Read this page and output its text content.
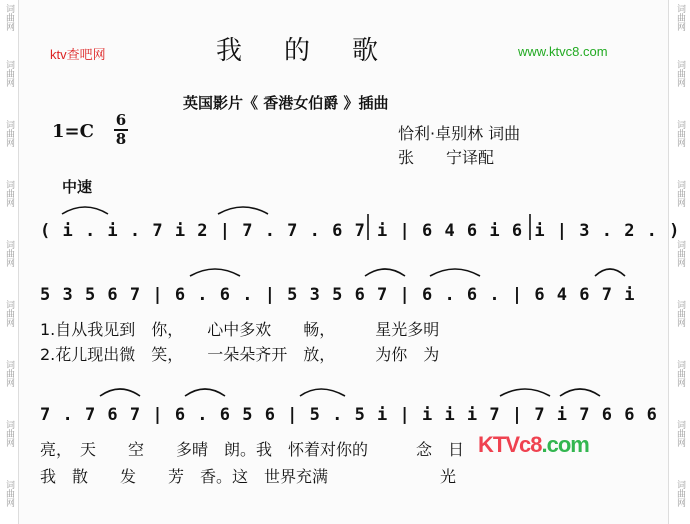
词曲网
词曲网
词曲网
词曲网
词曲网
词曲网
词曲网
词曲网
词曲网
词曲网
词曲网
词曲网
词曲网
词曲网
词曲网
词曲网
词曲网
词曲网
ktv查吧网	www.ktvc8.com
我的歌
英国影片《 香港女伯爵 》插曲
1=C
6
8	恰利·卓别林 词曲
张　　宁译配
中速
( i . i . 7 i 2 | 7 . 7 . 6 7 i | 6 4 6 i 6 i | 3 . 2 . )
5 3 5 6 7 | 6 . 6 . | 5 3 5 6 7 | 6 . 6 . | 6 4 6 7 i
1.自从我见到　你，　　心中多欢　　畅，　　　星光多明
2.花儿现出微　笑，　　一朵朵齐开　放，　　　为你　为
7 . 7 6 7 | 6 . 6 5 6 | 5 . 5 i | i i i 7 | 7 i 7 6 6 6
亮，　天　　空　　多晴　朗。我　怀着对你的　　　念　日
我　散　　发　　芳　香。这　世界充满　　　　　　　光
KTVc8.com
